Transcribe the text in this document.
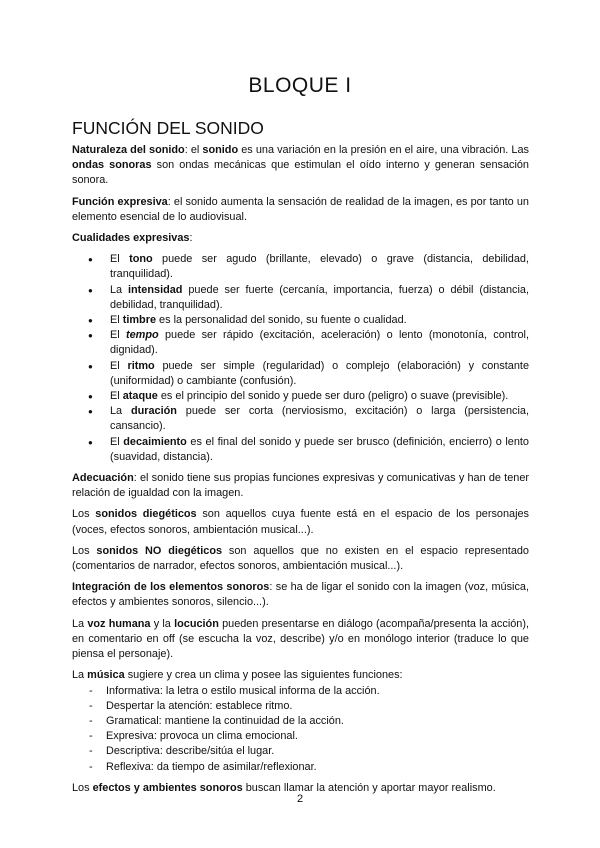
BLOQUE I
FUNCIÓN DEL SONIDO

Naturaleza del sonido: el sonido es una variación en la presión en el aire, una vibración. Las ondas sonoras son ondas mecánicas que estimulan el oído interno y generan sensación sonora.

Función expresiva: el sonido aumenta la sensación de realidad de la imagen, es por tanto un elemento esencial de lo audiovisual.

Cualidades expresivas:

● El tono puede ser agudo (brillante, elevado) o grave (distancia, debilidad, tranquilidad).
● La intensidad puede ser fuerte (cercanía, importancia, fuerza) o débil (distancia, debilidad, tranquilidad).
● El timbre es la personalidad del sonido, su fuente o cualidad.
● El tempo puede ser rápido (excitación, aceleración) o lento (monotonía, control, dignidad).
● El ritmo puede ser simple (regularidad) o complejo (elaboración) y constante (uniformidad) o cambiante (confusión).
● El ataque es el principio del sonido y puede ser duro (peligro) o suave (previsible).
● La duración puede ser corta (nerviosismo, excitación) o larga (persistencia, cansancio).
● El decaimiento es el final del sonido y puede ser brusco (definición, encierro) o lento (suavidad, distancia).

Adecuación: el sonido tiene sus propias funciones expresivas y comunicativas y han de tener relación de igualdad con la imagen.

Los sonidos diegéticos son aquellos cuya fuente está en el espacio de los personajes (voces, efectos sonoros, ambientación musical...).

Los sonidos NO diegéticos son aquellos que no existen en el espacio representado (comentarios de narrador, efectos sonoros, ambientación musical...).

Integración de los elementos sonoros: se ha de ligar el sonido con la imagen (voz, música, efectos y ambientes sonoros, silencio...).

La voz humana y la locución pueden presentarse en diálogo (acompaña/presenta la acción), en comentario en off (se escucha la voz, describe) y/o en monólogo interior (traduce lo que piensa el personaje).

La música sugiere y crea un clima y posee las siguientes funciones:

- Informativa: la letra o estilo musical informa de la acción.
- Despertar la atención: establece ritmo.
- Gramatical: mantiene la continuidad de la acción.
- Expresiva: provoca un clima emocional.
- Descriptiva: describe/sitúa el lugar.
- Reflexiva: da tiempo de asimilar/reflexionar.

Los efectos y ambientes sonoros buscan llamar la atención y aportar mayor realismo.

2
